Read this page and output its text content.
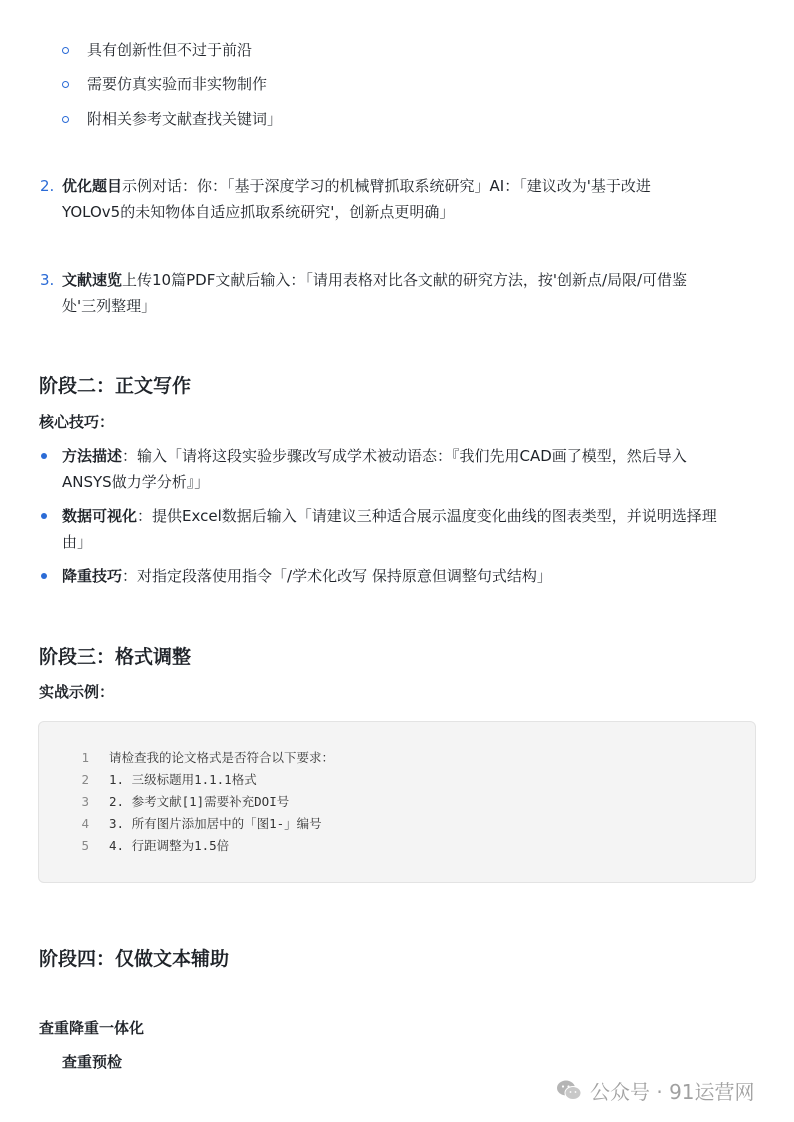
具有创新性但不过于前沿
需要仿真实验而非实物制作
附相关参考文献查找关键词」
2. 优化题目示例对话：你：「基于深度学习的机械臂抓取系统研究」AI：「建议改为'基于改进
YOLOv5的未知物体自适应抓取系统研究'，创新点更明确」
3. 文献速览上传10篇PDF文献后输入：「请用表格对比各文献的研究方法，按'创新点/局限/可借鉴
处'三列整理」
阶段二：正文写作
核心技巧：
方法描述：输入「请将这段实验步骤改写成学术被动语态：『我们先用CAD画了模型，然后导入
ANSYS做力学分析』」
数据可视化：提供Excel数据后输入「请建议三种适合展示温度变化曲线的图表类型，并说明选择理
由」
降重技巧：对指定段落使用指令「/学术化改写 保持原意但调整句式结构」
阶段三：格式调整
实战示例：
1 请检查我的论文格式是否符合以下要求：
2 1. 三级标题用1.1.1格式
3 2. 参考文献[1]需要补充DOI号
4 3. 所有图片添加居中的「图1-」编号
5 4. 行距调整为1.5倍
阶段四：仅做文本辅助
查重降重一体化
查重预检
公众号 · 91运营网
